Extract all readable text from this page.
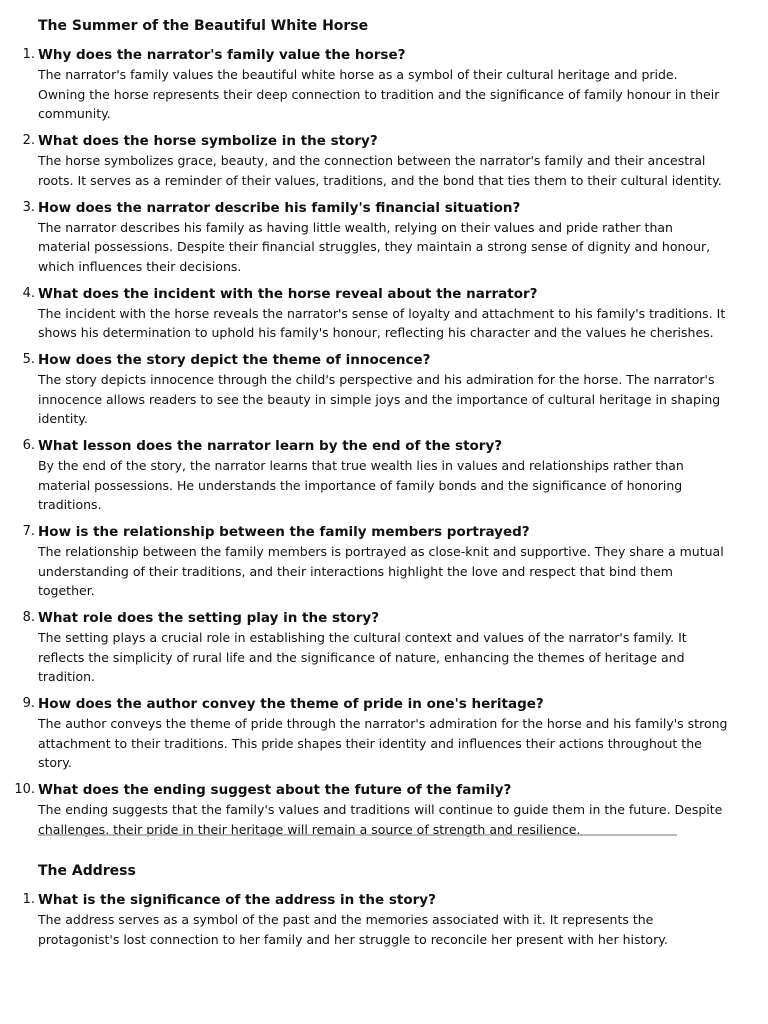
The Summer of the Beautiful White Horse
1. Why does the narrator's family value the horse?

The narrator's family values the beautiful white horse as a symbol of their cultural heritage and pride. Owning the horse represents their deep connection to tradition and the significance of family honour in their community.

2. What does the horse symbolize in the story?

The horse symbolizes grace, beauty, and the connection between the narrator's family and their ancestral roots. It serves as a reminder of their values, traditions, and the bond that ties them to their cultural identity.

3. How does the narrator describe his family's financial situation?

The narrator describes his family as having little wealth, relying on their values and pride rather than material possessions. Despite their financial struggles, they maintain a strong sense of dignity and honour, which influences their decisions.

4. What does the incident with the horse reveal about the narrator?

The incident with the horse reveals the narrator's sense of loyalty and attachment to his family's traditions. It shows his determination to uphold his family's honour, reflecting his character and the values he cherishes.

5. How does the story depict the theme of innocence?

The story depicts innocence through the child's perspective and his admiration for the horse. The narrator's innocence allows readers to see the beauty in simple joys and the importance of cultural heritage in shaping identity.

6. What lesson does the narrator learn by the end of the story?

By the end of the story, the narrator learns that true wealth lies in values and relationships rather than material possessions. He understands the importance of family bonds and the significance of honoring traditions.

7. How is the relationship between the family members portrayed?

The relationship between the family members is portrayed as close-knit and supportive. They share a mutual understanding of their traditions, and their interactions highlight the love and respect that bind them together.

8. What role does the setting play in the story?

The setting plays a crucial role in establishing the cultural context and values of the narrator's family. It reflects the simplicity of rural life and the significance of nature, enhancing the themes of heritage and tradition.

9. How does the author convey the theme of pride in one's heritage?

The author conveys the theme of pride through the narrator's admiration for the horse and his family's strong attachment to their traditions. This pride shapes their identity and influences their actions throughout the story.

10. What does the ending suggest about the future of the family?

The ending suggests that the family's values and traditions will continue to guide them in the future. Despite challenges, their pride in their heritage will remain a source of strength and resilience.

The Address
1. What is the significance of the address in the story?

The address serves as a symbol of the past and the memories associated with it. It represents the protagonist's lost connection to her family and her struggle to reconcile her present with her history.
